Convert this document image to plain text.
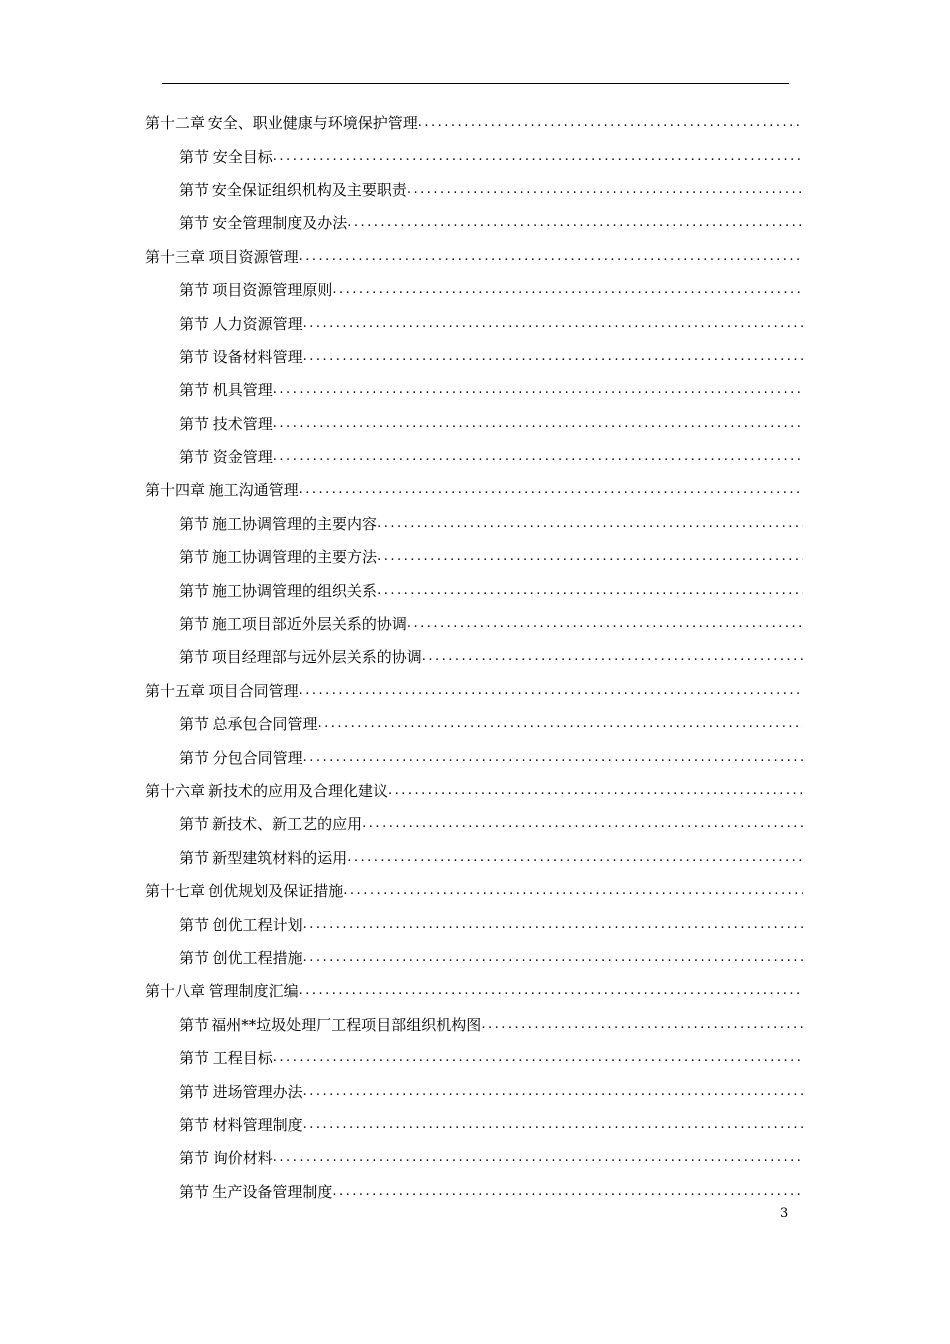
第十二章 安全、职业健康与环境保护管理
.....
第节 安全目标
.....
第节 安全保证组织机构及主要职责
.....
第节 安全管理制度及办法
.....
第十三章 项目资源管理
.....
第节 项目资源管理原则
.....
第节 人力资源管理
.....
第节 设备材料管理
.....
第节 机具管理
.....
第节 技术管理
.....
第节 资金管理
.....
第十四章 施工沟通管理
.....
第节 施工协调管理的主要内容
.....
第节 施工协调管理的主要方法
.....
第节 施工协调管理的组织关系
.....
第节 施工项目部近外层关系的协调
.....
第节 项目经理部与远外层关系的协调
.....
第十五章 项目合同管理
.....
第节 总承包合同管理
.....
第节 分包合同管理
.....
第十六章 新技术的应用及合理化建议
.....
第节 新技术、新工艺的应用
.....
第节 新型建筑材料的运用
.....
第十七章 创优规划及保证措施
.....
第节 创优工程计划
.....
第节 创优工程措施
.....
第十八章 管理制度汇编
.....
第节 福州**垃圾处理厂工程项目部组织机构图
.....
第节 工程目标
.....
第节 进场管理办法
.....
第节 材料管理制度
.....
第节 询价材料
.....
第节 生产设备管理制度
.....
3
